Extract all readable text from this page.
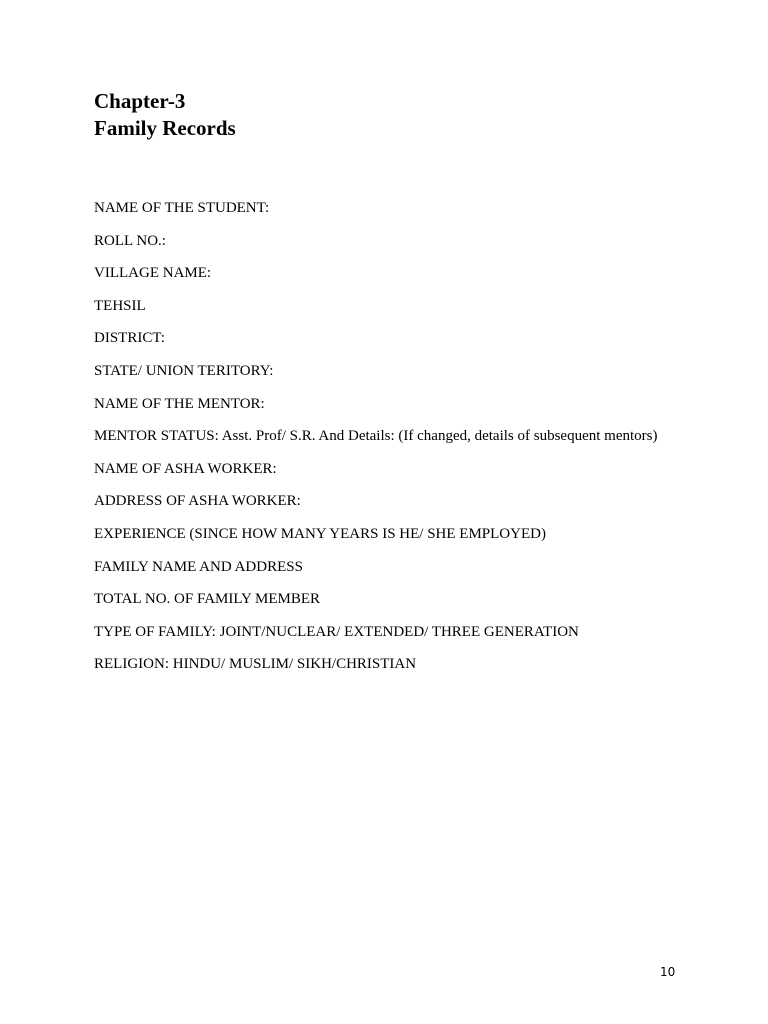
Chapter-3
Family Records

NAME OF THE STUDENT:

ROLL NO.:

VILLAGE NAME:

TEHSIL

DISTRICT:

STATE/ UNION TERITORY:

NAME OF THE MENTOR:

MENTOR STATUS: Asst. Prof/ S.R. And Details: (If changed, details of subsequent mentors)

NAME OF ASHA WORKER:

ADDRESS OF ASHA WORKER:

EXPERIENCE (SINCE HOW MANY YEARS IS HE/ SHE EMPLOYED)

FAMILY NAME AND ADDRESS

TOTAL NO. OF FAMILY MEMBER

TYPE OF FAMILY: JOINT/NUCLEAR/ EXTENDED/ THREE GENERATION

RELIGION: HINDU/ MUSLIM/ SIKH/CHRISTIAN

10
